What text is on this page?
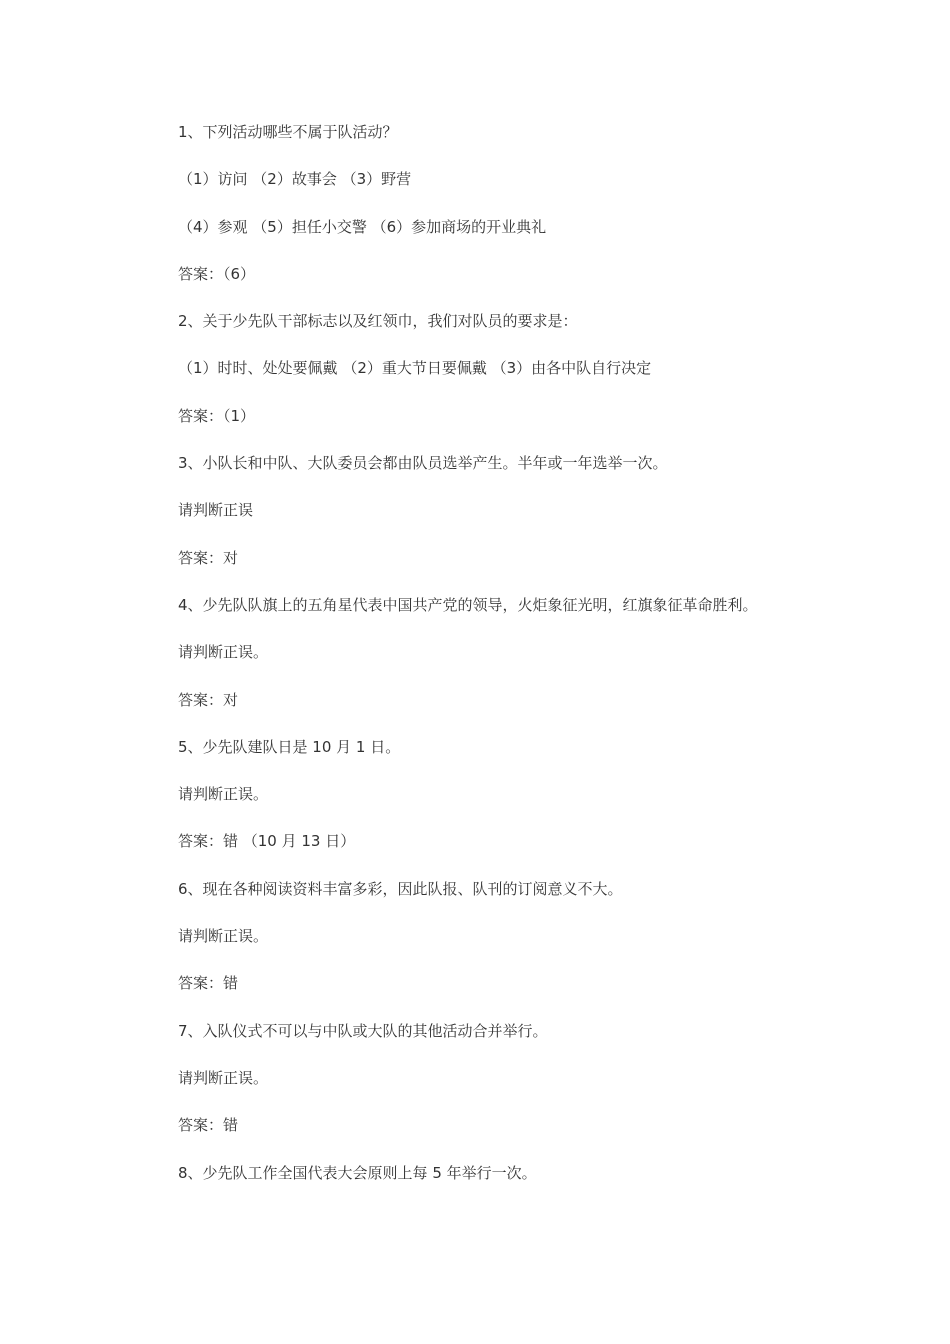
1、下列活动哪些不属于队活动？

（1）访问 （2）故事会 （3）野营

（4）参观 （5）担任小交警 （6）参加商场的开业典礼

答案：（6）

2、关于少先队干部标志以及红领巾，我们对队员的要求是：

（1）时时、处处要佩戴 （2）重大节日要佩戴 （3）由各中队自行决定

答案：（1）

3、小队长和中队、大队委员会都由队员选举产生。半年或一年选举一次。

请判断正误

答案：对

4、少先队队旗上的五角星代表中国共产党的领导，火炬象征光明，红旗象征革命胜利。

请判断正误。

答案：对

5、少先队建队日是 10 月 1 日。

请判断正误。

答案：错 （10 月 13 日）

6、现在各种阅读资料丰富多彩，因此队报、队刊的订阅意义不大。

请判断正误。

答案：错

7、入队仪式不可以与中队或大队的其他活动合并举行。

请判断正误。

答案：错

8、少先队工作全国代表大会原则上每 5 年举行一次。
